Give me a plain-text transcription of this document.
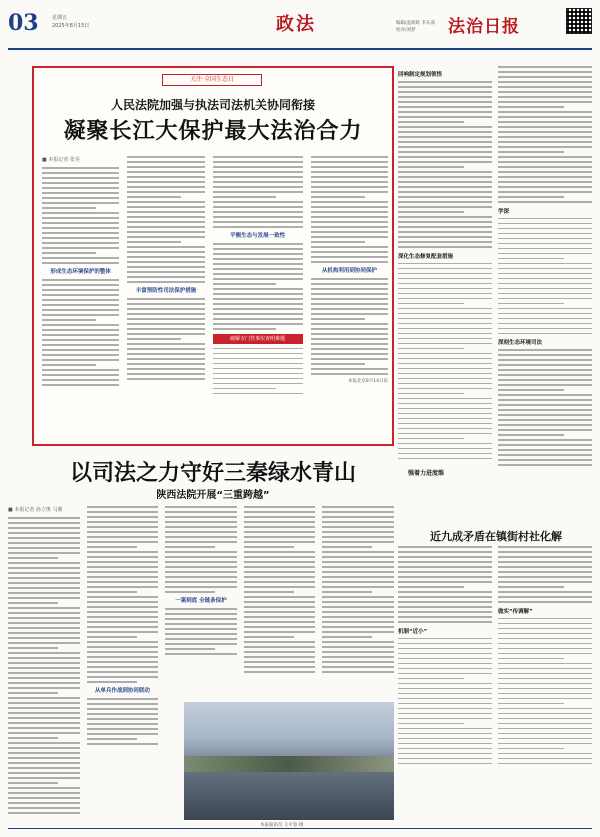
03	星期五
2025年8月15日	政法	编辑/盖闻辉 李东商
校对/刘梦	法治日报
关注·全国生态日
人民法院加强与执法司法机关协同衔接
凝聚长江大保护最大法治合力
■ 本报记者 张昊
形成生态环境保护的整体
丰富预防性司法保护措施
平衡生态与发展一致性
破解专门性事实查明难题
从机构利用到协同保护
本报北京8月14日讯
回响制定规划领悟
深化生态修复配套措施
学深
深刻生态环境司法
以司法之力守好三秦绿水青山
陕西法院开展“三重跨越”
■ 本报记者 孙立奥 马鼎
从单兵作战到协同联动
一案到底 全链条保护
本报通讯员 王可春 摄
强着力进度维
近九成矛盾在镇街村社化解
机制“近小”
做实“传调解”
